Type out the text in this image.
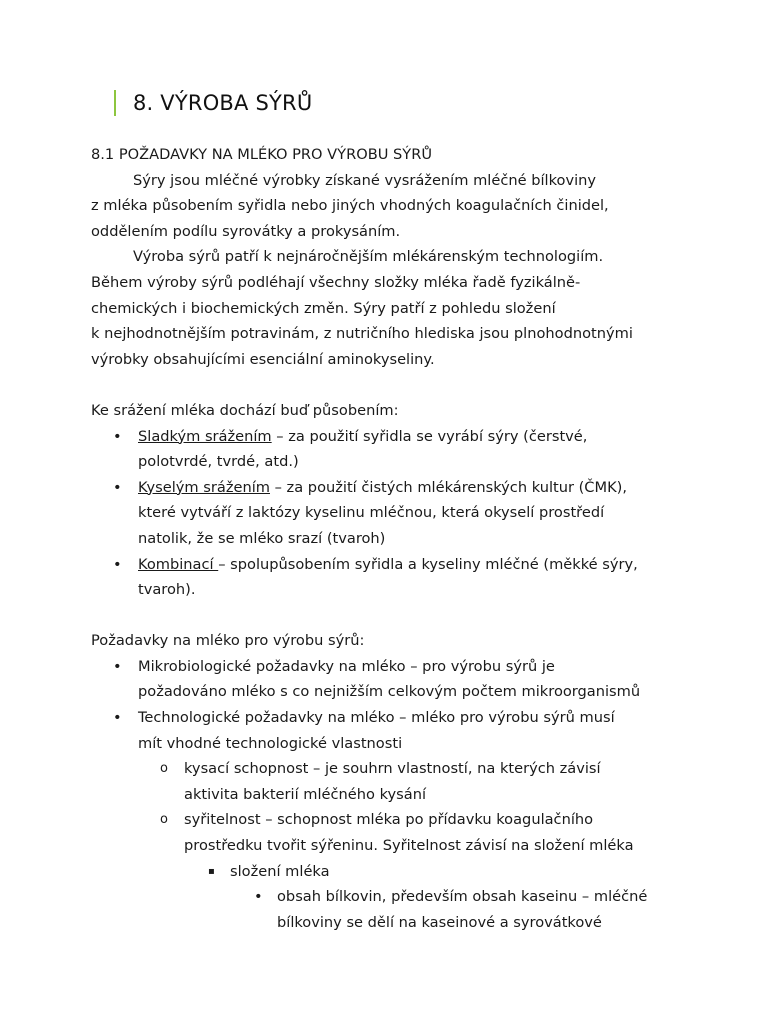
8. VÝROBA SÝRŮ
8.1 POŽADAVKY NA MLÉKO PRO VÝROBU SÝRŮ
Sýry jsou mléčné výrobky získané vysrážením mléčné bílkoviny
z mléka působením syřidla nebo jiných vhodných koagulačních činidel,
oddělením podílu syrovátky a prokysáním.
Výroba sýrů patří k nejnáročnějším mlékárenským technologiím.
Během výroby sýrů podléhají všechny složky mléka řadě fyzikálně-
chemických i biochemických změn. Sýry patří z pohledu složení
k nejhodnotnějším potravinám, z nutričního hlediska jsou plnohodnotnými
výrobky obsahujícími esenciální aminokyseliny.
Ke srážení mléka dochází buď působením:
• Sladkým srážením – za použití syřidla se vyrábí sýry (čerstvé,
polotvrdé, tvrdé, atd.)
• Kyselým srážením – za použití čistých mlékárenských kultur (ČMK),
které vytváří z laktózy kyselinu mléčnou, která okyselí prostředí
natolik, že se mléko srazí (tvaroh)
• Kombinací – spolupůsobením syřidla a kyseliny mléčné (měkké sýry,
tvaroh).
Požadavky na mléko pro výrobu sýrů:
• Mikrobiologické požadavky na mléko – pro výrobu sýrů je
požadováno mléko s co nejnižším celkovým počtem mikroorganismů
• Technologické požadavky na mléko – mléko pro výrobu sýrů musí
mít vhodné technologické vlastnosti
o kysací schopnost – je souhrn vlastností, na kterých závisí
aktivita bakterií mléčného kysání
o syřitelnost – schopnost mléka po přídavku koagulačního
prostředku tvořit sýřeninu. Syřitelnost závisí na složení mléka
▪ složení mléka
• obsah bílkovin, především obsah kaseinu – mléčné
bílkoviny se dělí na kaseinové a syrovátkové
